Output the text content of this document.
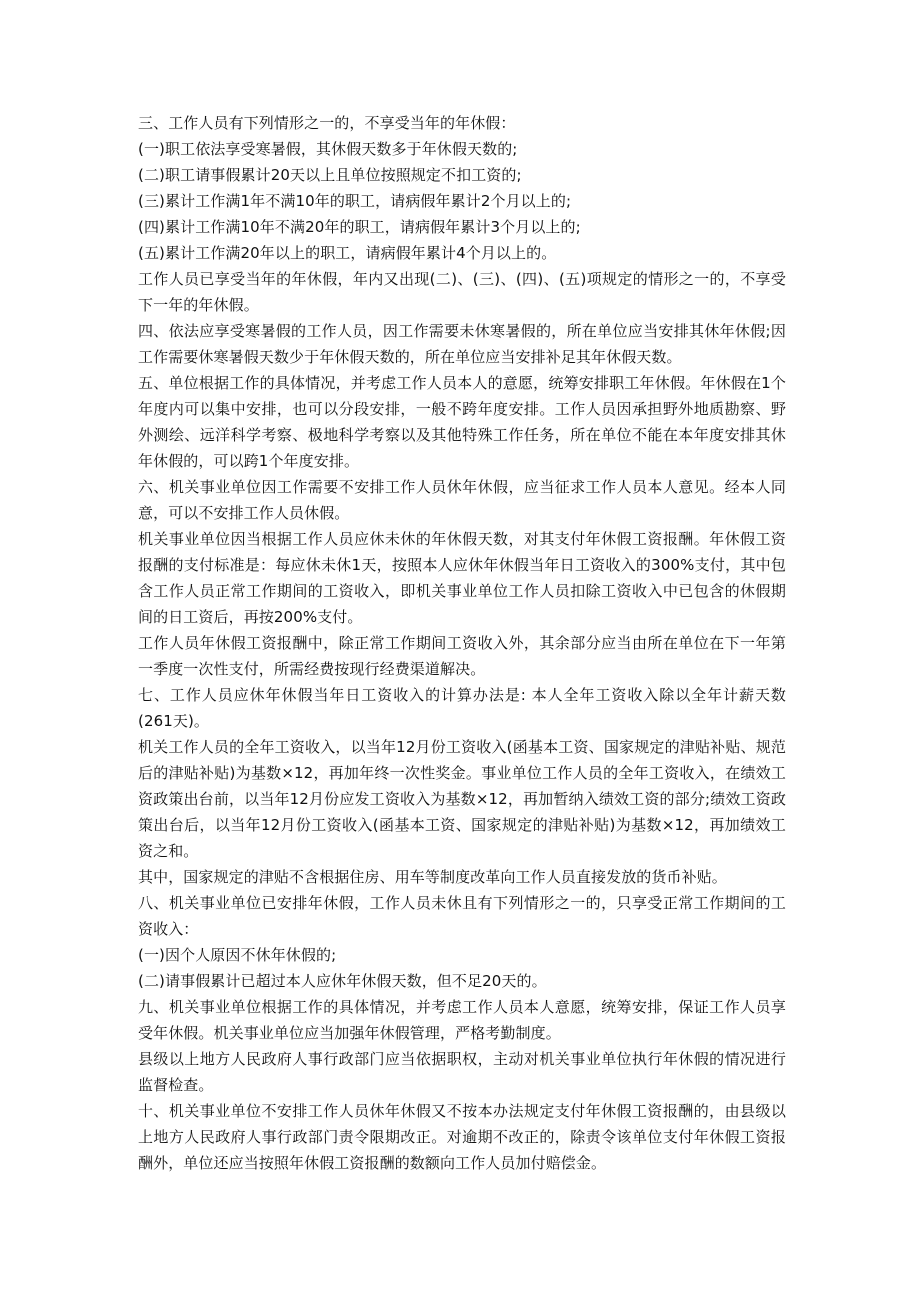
三、工作人员有下列情形之一的，不享受当年的年休假：

(一)职工依法享受寒暑假，其休假天数多于年休假天数的;

(二)职工请事假累计20天以上且单位按照规定不扣工资的;

(三)累计工作满1年不满10年的职工，请病假年累计2个月以上的;

(四)累计工作满10年不满20年的职工，请病假年累计3个月以上的;

(五)累计工作满20年以上的职工，请病假年累计4个月以上的。

工作人员已享受当年的年休假，年内又出现(二)、(三)、(四)、(五)项规定的情形之一的，不享受下一年的年休假。

四、依法应享受寒暑假的工作人员，因工作需要未休寒暑假的，所在单位应当安排其休年休假;因工作需要休寒暑假天数少于年休假天数的，所在单位应当安排补足其年休假天数。

五、单位根据工作的具体情况，并考虑工作人员本人的意愿，统筹安排职工年休假。年休假在1个年度内可以集中安排，也可以分段安排，一般不跨年度安排。工作人员因承担野外地质勘察、野外测绘、远洋科学考察、极地科学考察以及其他特殊工作任务，所在单位不能在本年度安排其休年休假的，可以跨1个年度安排。

六、机关事业单位因工作需要不安排工作人员休年休假，应当征求工作人员本人意见。经本人同意，可以不安排工作人员休假。

机关事业单位因当根据工作人员应休未休的年休假天数，对其支付年休假工资报酬。年休假工资报酬的支付标准是：每应休未休1天，按照本人应休年休假当年日工资收入的300%支付，其中包含工作人员正常工作期间的工资收入，即机关事业单位工作人员扣除工资收入中已包含的休假期间的日工资后，再按200%支付。

工作人员年休假工资报酬中，除正常工作期间工资收入外，其余部分应当由所在单位在下一年第一季度一次性支付，所需经费按现行经费渠道解决。

七、工作人员应休年休假当年日工资收入的计算办法是: 本人全年工资收入除以全年计薪天数(261天)。

机关工作人员的全年工资收入，以当年12月份工资收入(函基本工资、国家规定的津贴补贴、规范后的津贴补贴)为基数×12，再加年终一次性奖金。事业单位工作人员的全年工资收入，在绩效工资政策出台前，以当年12月份应发工资收入为基数×12，再加暂纳入绩效工资的部分;绩效工资政策出台后，以当年12月份工资收入(函基本工资、国家规定的津贴补贴)为基数×12，再加绩效工资之和。

其中，国家规定的津贴不含根据住房、用车等制度改革向工作人员直接发放的货币补贴。

八、机关事业单位已安排年休假，工作人员未休且有下列情形之一的，只享受正常工作期间的工资收入：

(一)因个人原因不休年休假的;

(二)请事假累计已超过本人应休年休假天数，但不足20天的。

九、机关事业单位根据工作的具体情况，并考虑工作人员本人意愿，统筹安排，保证工作人员享受年休假。机关事业单位应当加强年休假管理，严格考勤制度。

县级以上地方人民政府人事行政部门应当依据职权，主动对机关事业单位执行年休假的情况进行监督检查。

十、机关事业单位不安排工作人员休年休假又不按本办法规定支付年休假工资报酬的，由县级以上地方人民政府人事行政部门责令限期改正。对逾期不改正的，除责令该单位支付年休假工资报酬外，单位还应当按照年休假工资报酬的数额向工作人员加付赔偿金。
